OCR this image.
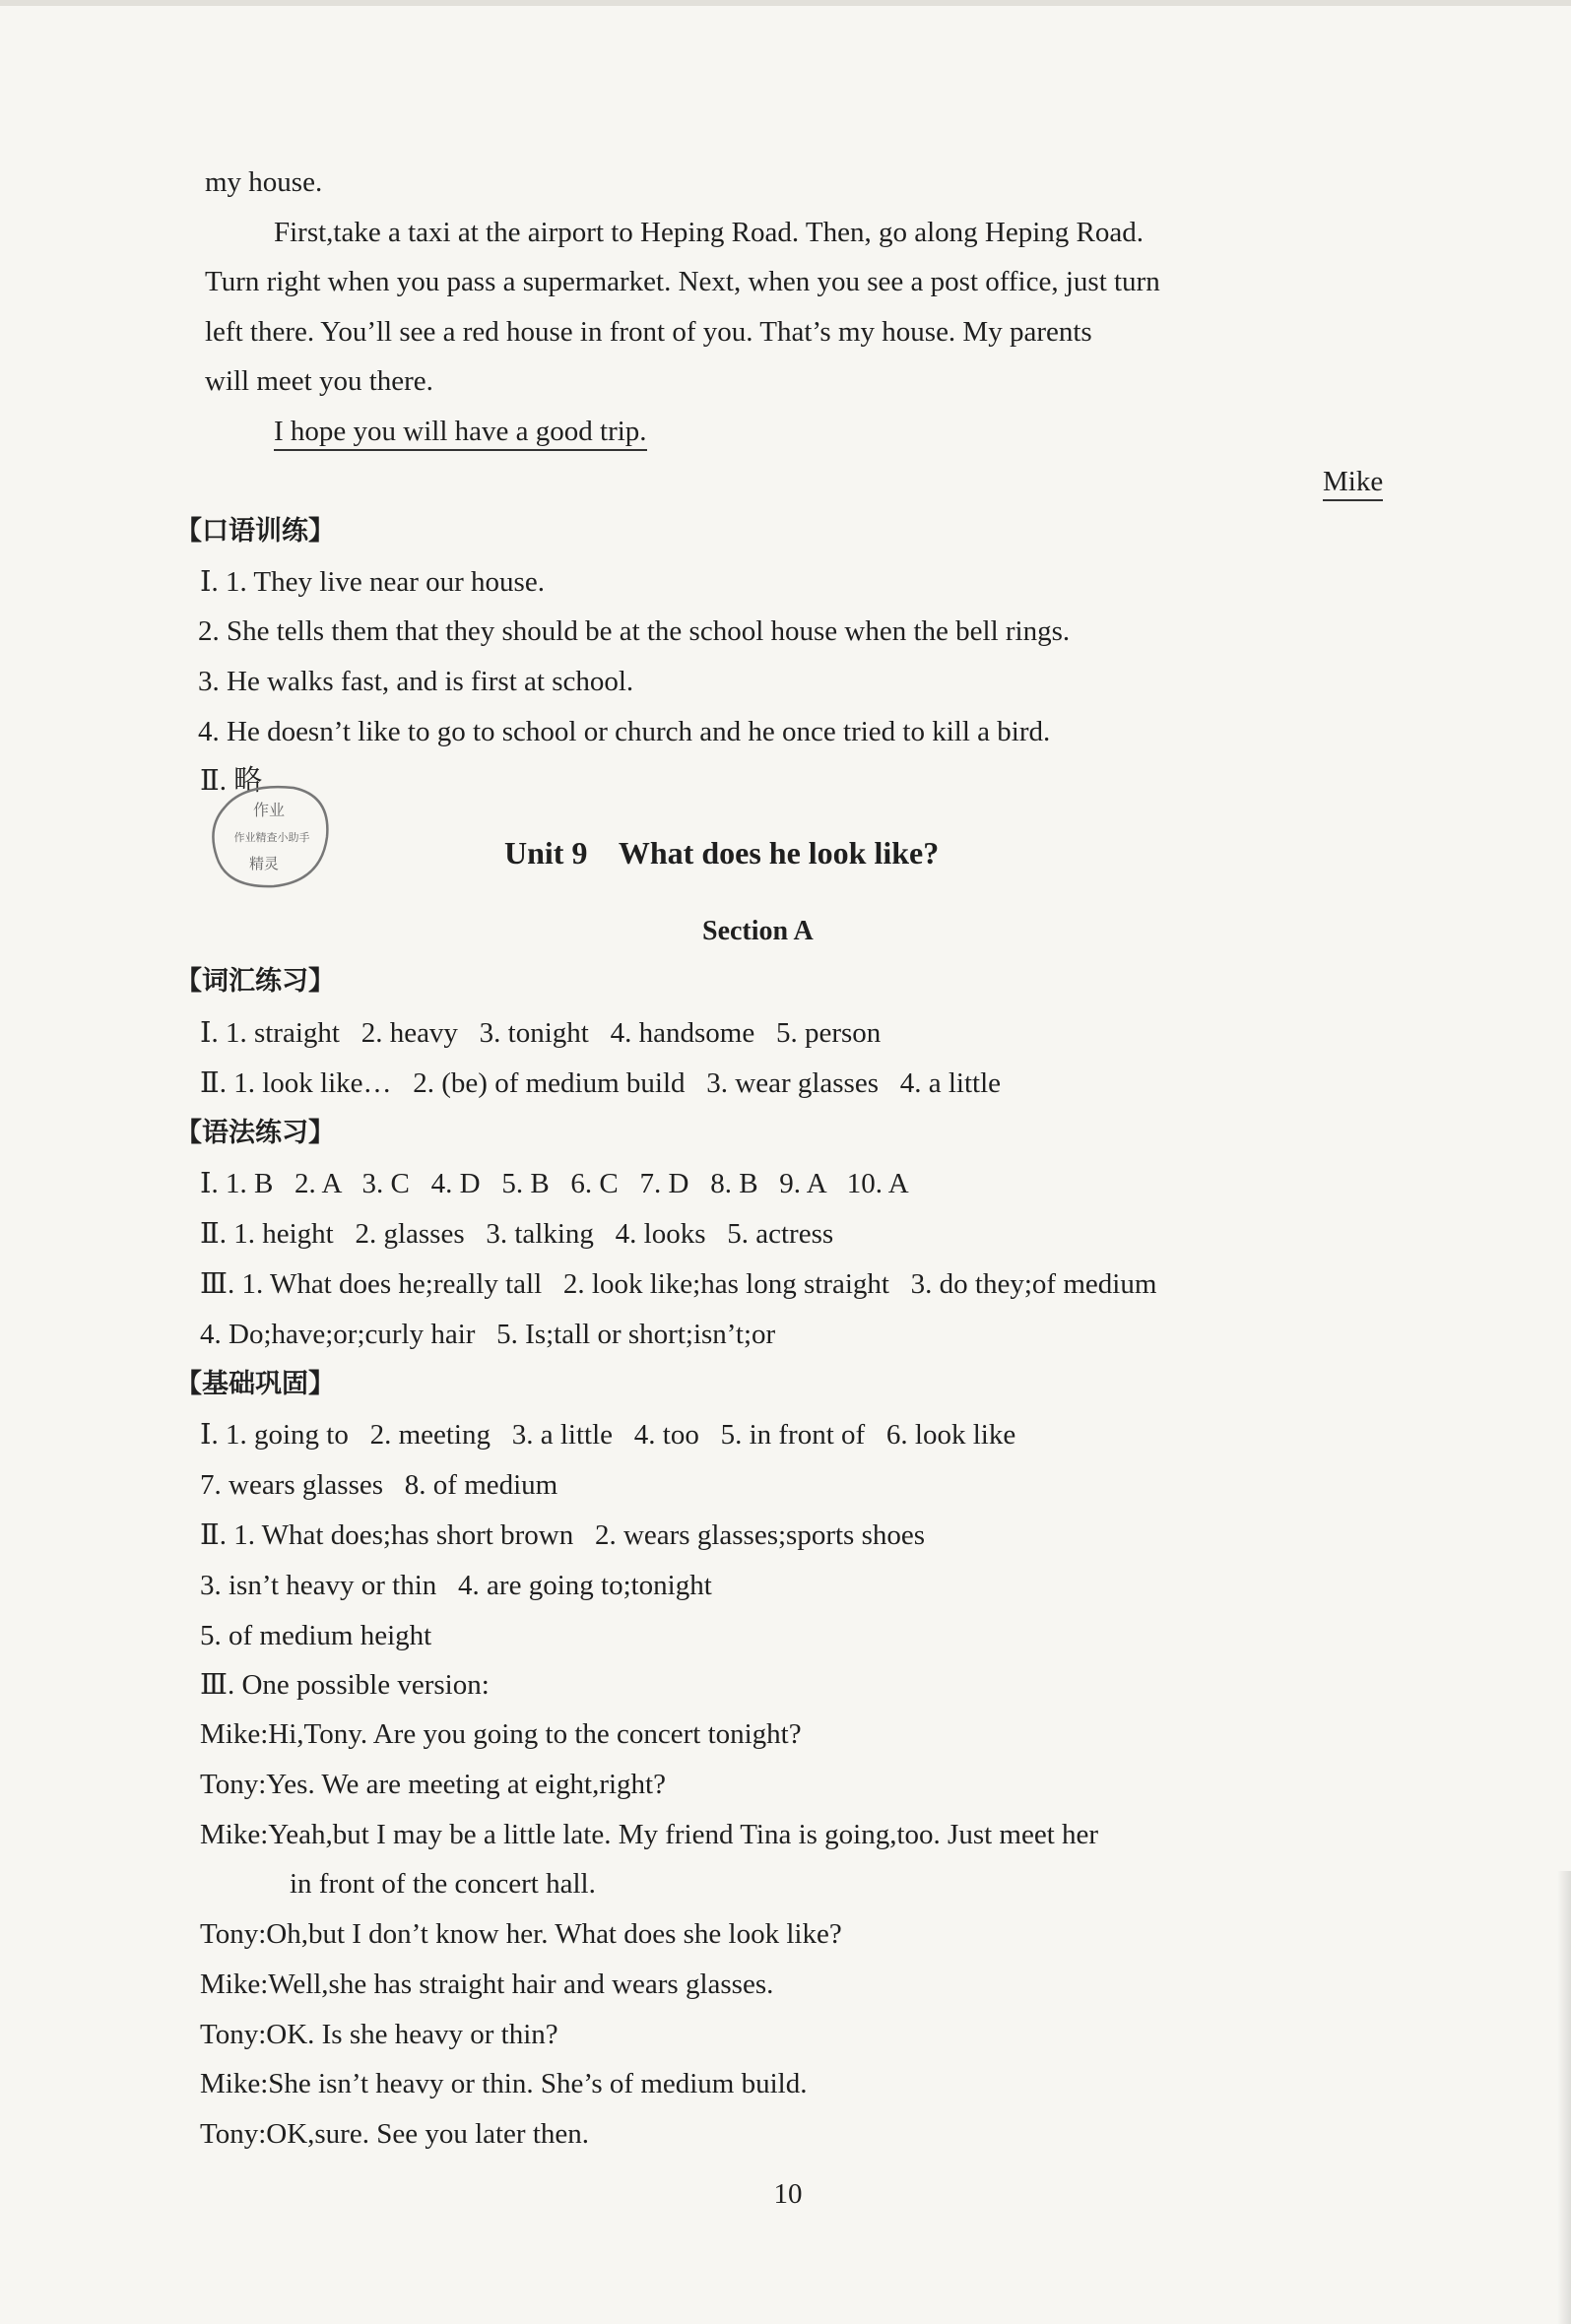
my house.
First,take a taxi at the airport to Heping Road. Then, go along Heping Road.
Turn right when you pass a supermarket. Next, when you see a post office, just turn
left there. You’ll see a red house in front of you. That’s my house. My parents
will meet you there.
I hope you will have a good trip.
Mike
【口语训练】
Ⅰ. 1. They live near our house.
2. She tells them that they should be at the school house when the bell rings.
3. He walks fast, and is first at school.
4. He doesn’t like to go to school or church and he once tried to kill a bird.
Ⅱ. 略
作业
作业精查小助手
精灵	Unit 9    What does he look like?
Section A
【词汇练习】
Ⅰ. 1. straight   2. heavy   3. tonight   4. handsome   5. person
Ⅱ. 1. look like…   2. (be) of medium build   3. wear glasses   4. a little
【语法练习】
Ⅰ. 1. B   2. A   3. C   4. D   5. B   6. C   7. D   8. B   9. A   10. A
Ⅱ. 1. height   2. glasses   3. talking   4. looks   5. actress
Ⅲ. 1. What does he;really tall   2. look like;has long straight   3. do they;of medium
4. Do;have;or;curly hair   5. Is;tall or short;isn’t;or
【基础巩固】
Ⅰ. 1. going to   2. meeting   3. a little   4. too   5. in front of   6. look like
7. wears glasses   8. of medium
Ⅱ. 1. What does;has short brown   2. wears glasses;sports shoes
3. isn’t heavy or thin   4. are going to;tonight
5. of medium height
Ⅲ. One possible version:
Mike:Hi,Tony. Are you going to the concert tonight?
Tony:Yes. We are meeting at eight,right?
Mike:Yeah,but I may be a little late. My friend Tina is going,too. Just meet her
in front of the concert hall.
Tony:Oh,but I don’t know her. What does she look like?
Mike:Well,she has straight hair and wears glasses.
Tony:OK. Is she heavy or thin?
Mike:She isn’t heavy or thin. She’s of medium build.
Tony:OK,sure. See you later then.
10
